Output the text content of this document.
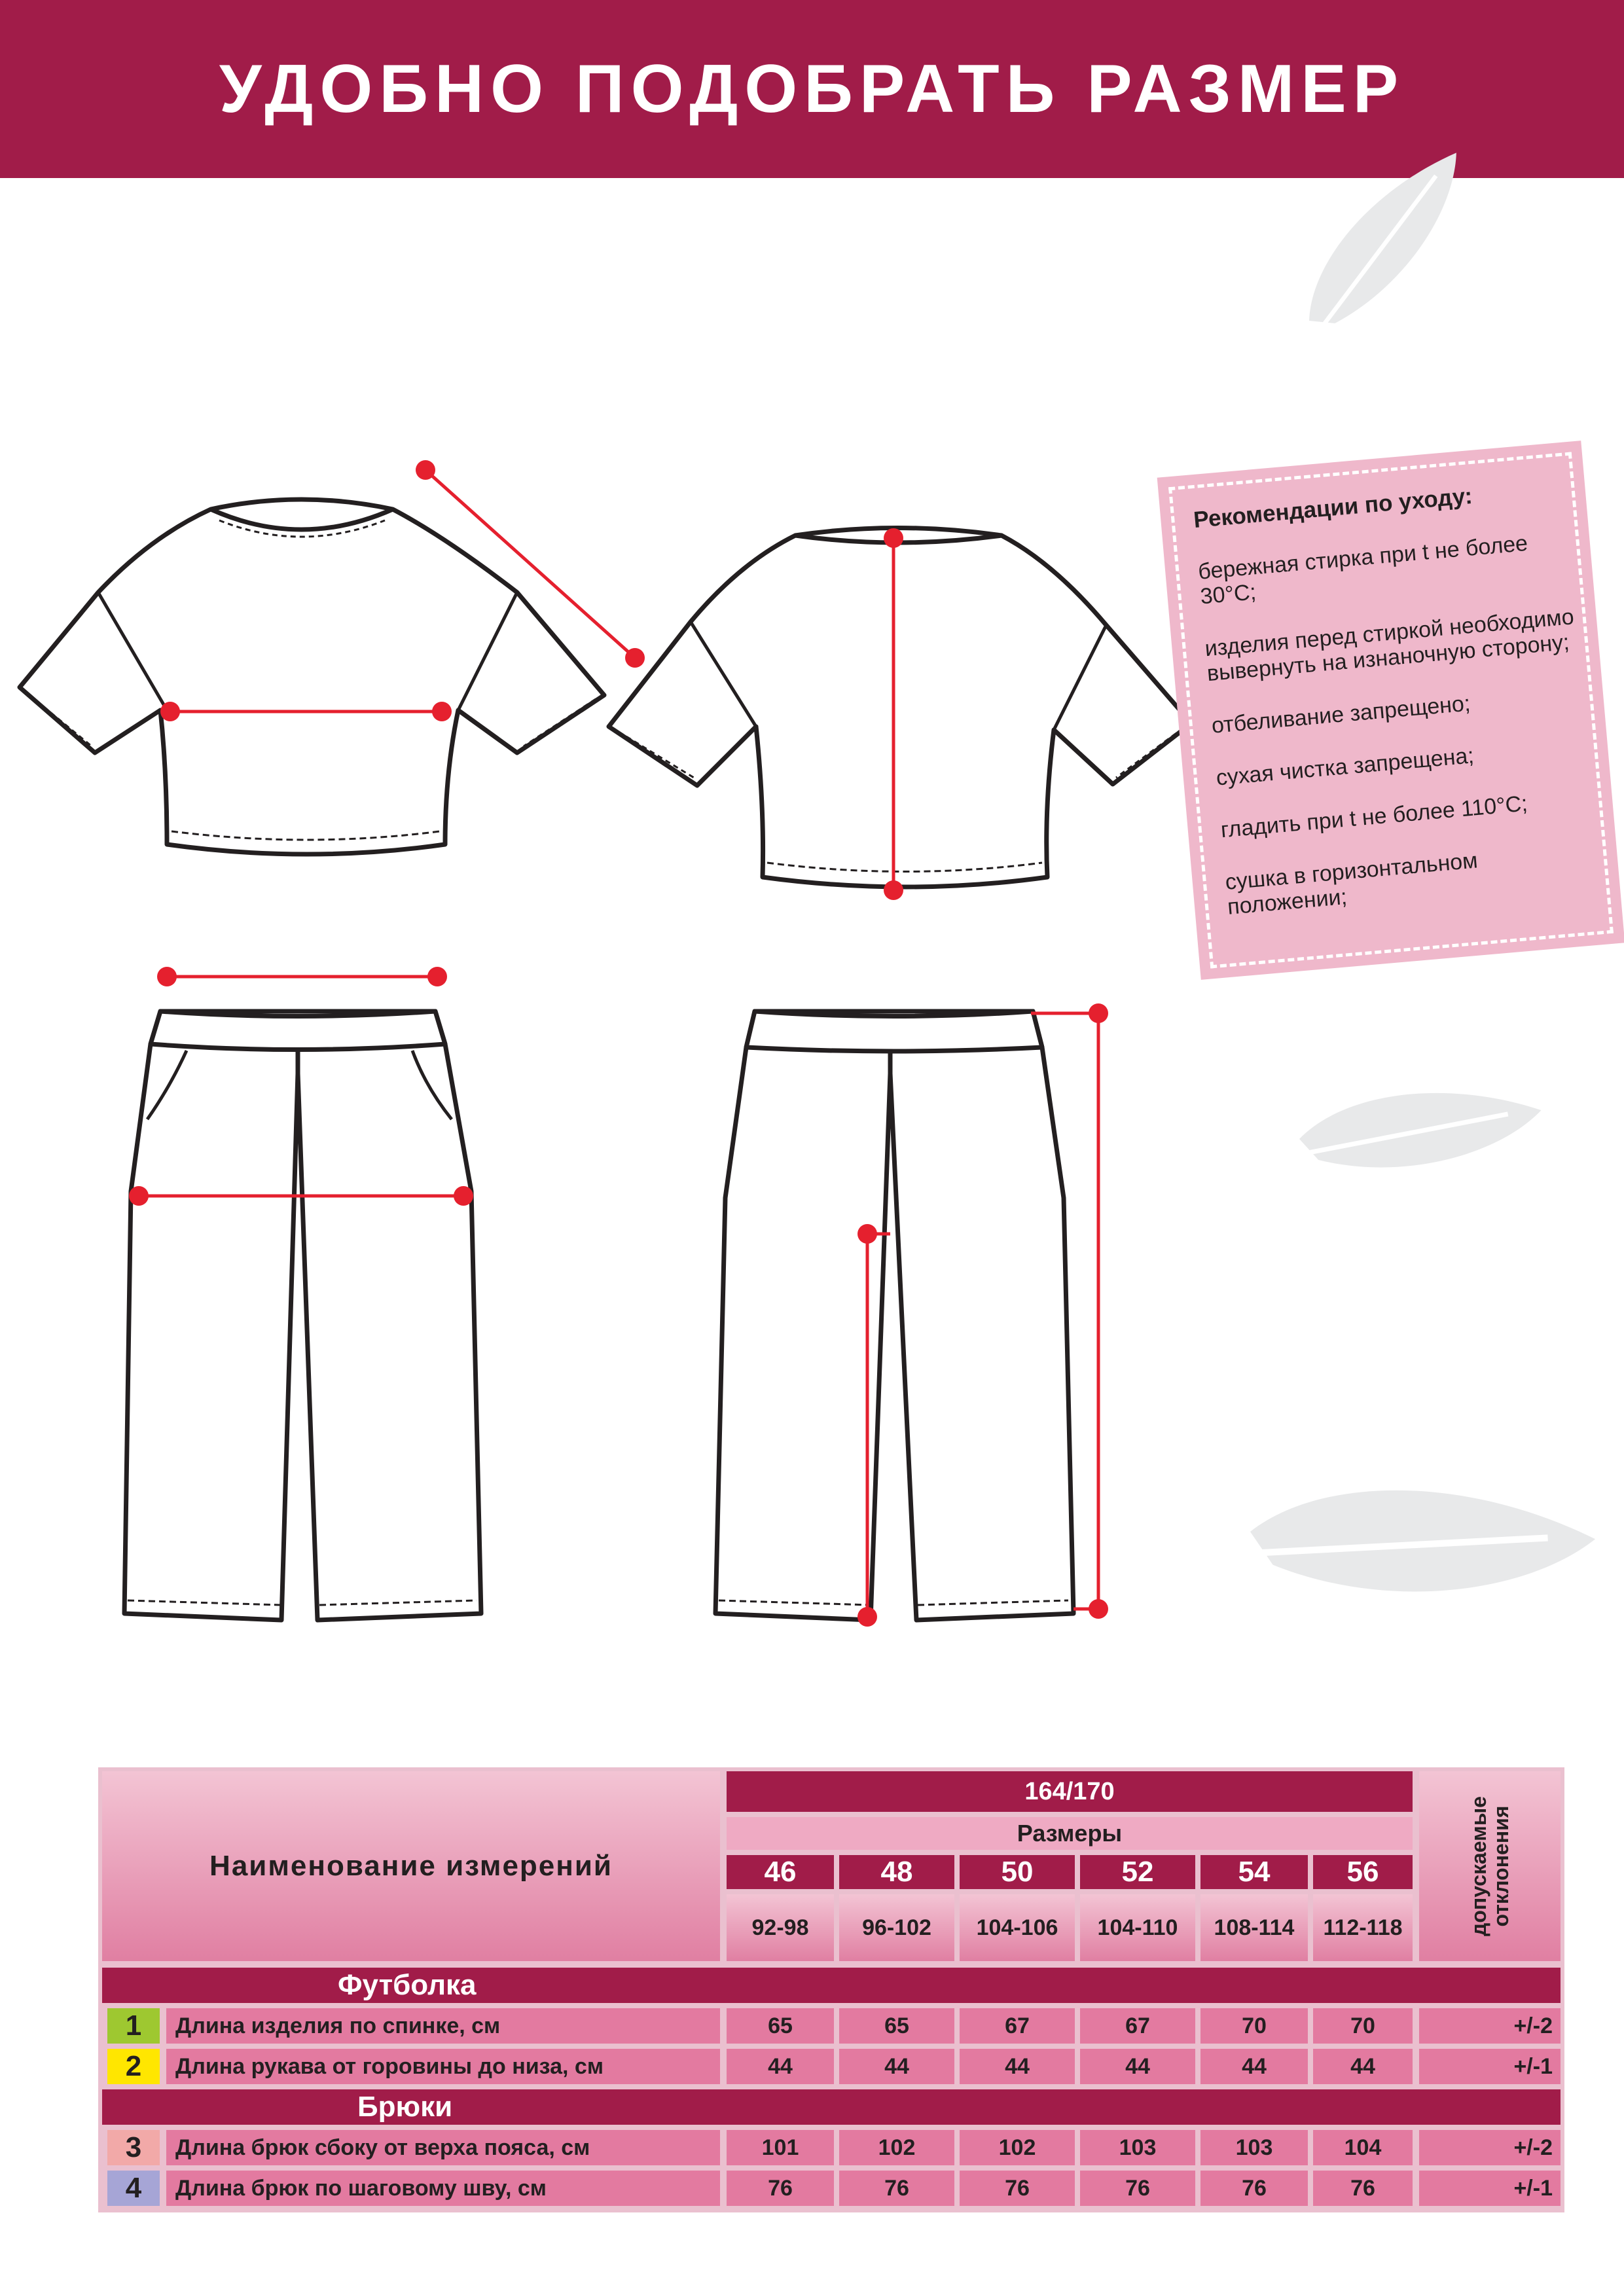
УДОБНО ПОДОБРАТЬ РАЗМЕР
Рекомендации по уходу:
бережная стирка при t не более 30°С;
изделия перед стиркой необходимо вывернуть на изнаночную сторону;
отбеливание запрещено;
сухая чистка запрещена;
гладить при t не более 110°С;
сушка в горизонтальном положении;
Наименование измерений
164/170
Размеры	допускаемые отклонения
46	48	50	52	54	56
92-98 96-102 104-106 104-110 108-114 112-118
Футболка
1 Длина изделия по спинке, см	65	65	67	67	70	70	+/-2
2 Длина рукава от горовины до низа, см	44	44	44	44	44	44	+/-1
Брюки
3 Длина брюк сбоку от верха пояса, см	101	102	102	103	103	104	+/-2
4 Длина брюк по шаговому шву, см	76	76	76	76	76	76	+/-1
